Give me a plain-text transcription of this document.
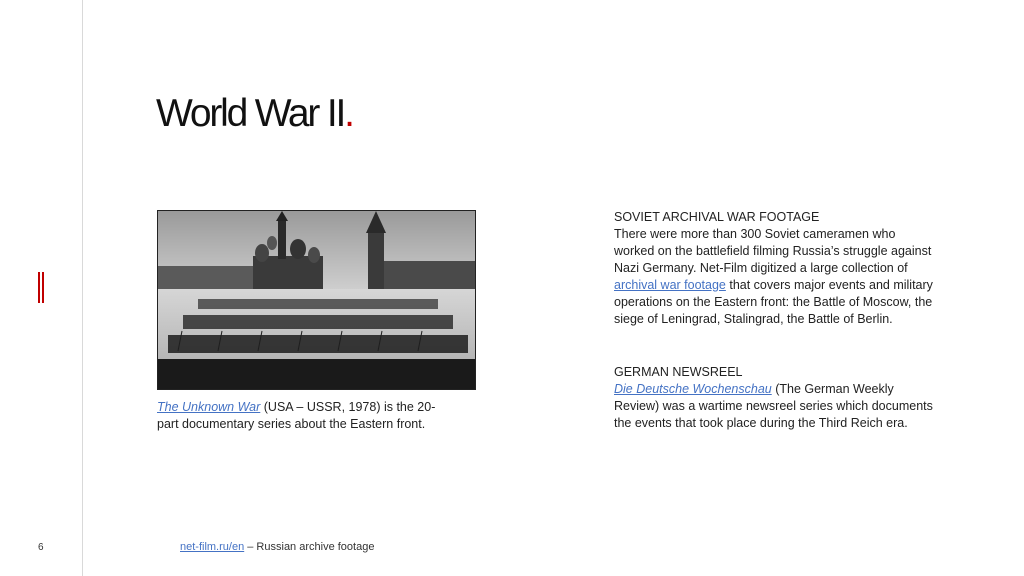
6
World War II.
The Unknown War (USA – USSR, 1978) is the 20-part documentary series about the Eastern front.
SOVIET ARCHIVAL WAR FOOTAGE
There were more than 300 Soviet cameramen who worked on the battlefield filming Russia’s struggle against Nazi Germany. Net-Film digitized a large collection of archival war footage that covers major events and military operations on the Eastern front: the Battle of Moscow, the siege of Leningrad, Stalingrad, the Battle of Berlin.
GERMAN NEWSREEL
Die Deutsche Wochenschau (The German Weekly Review) was a wartime newsreel series which documents the events that took place during the Third Reich era.
net-film.ru/en – Russian archive footage
